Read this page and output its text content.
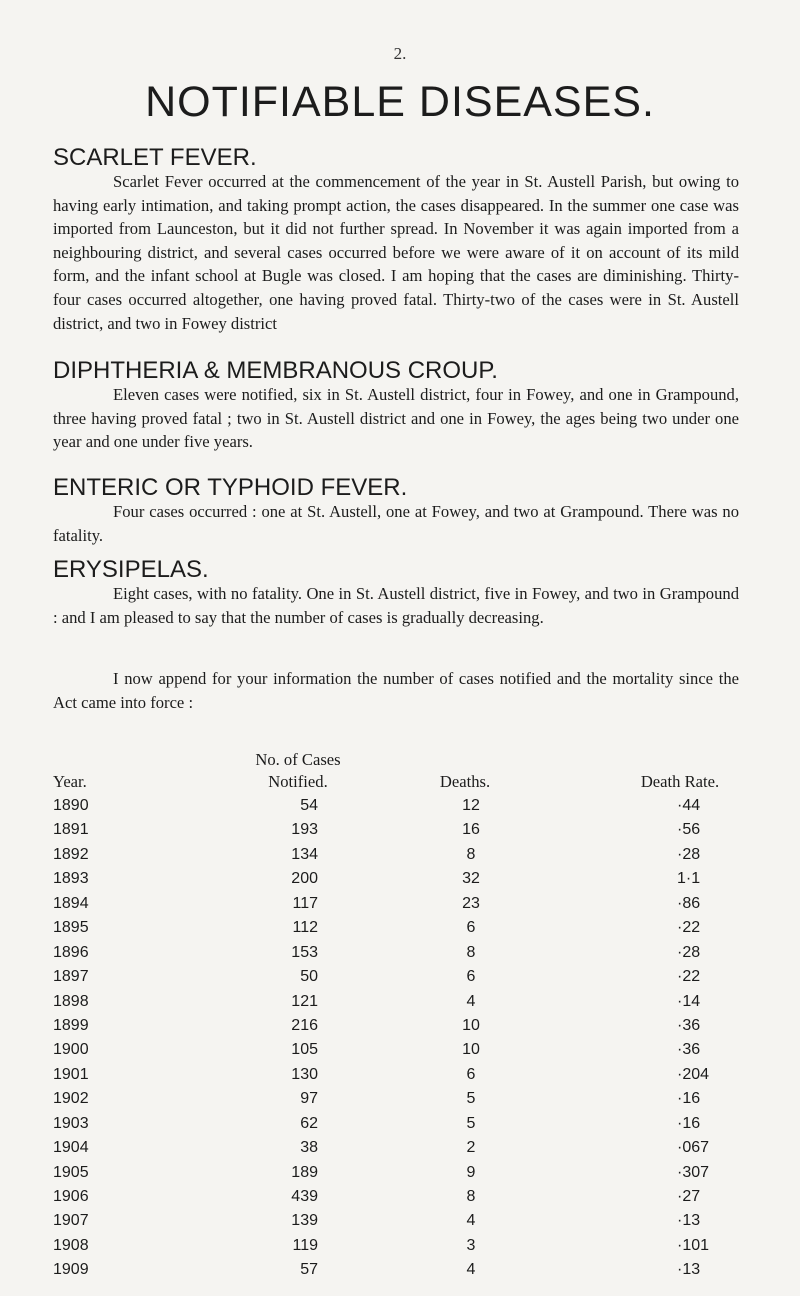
2.
NOTIFIABLE DISEASES.
SCARLET FEVER.
Scarlet Fever occurred at the commencement of the year in St. Austell Parish, but owing to having early intimation, and taking prompt action, the cases disappeared. In the summer one case was imported from Launceston, but it did not further spread. In November it was again imported from a neighbouring district, and several cases occurred before we were aware of it on account of its mild form, and the infant school at Bugle was closed. I am hoping that the cases are diminishing. Thirty-four cases occurred altogether, one having proved fatal. Thirty-two of the cases were in St. Austell district, and two in Fowey district
DIPHTHERIA & MEMBRANOUS CROUP.
Eleven cases were notified, six in St. Austell district, four in Fowey, and one in Grampound, three having proved fatal ; two in St. Austell district and one in Fowey, the ages being two under one year and one under five years.
ENTERIC OR TYPHOID FEVER.
Four cases occurred : one at St. Austell, one at Fowey, and two at Grampound. There was no fatality.
ERYSIPELAS.
Eight cases, with no fatality. One in St. Austell district, five in Fowey, and two in Grampound : and I am pleased to say that the number of cases is gradually decreasing.
I now append for your information the number of cases notified and the mortality since the Act came into force :
No. of Cases
Year.	Notified.	Deaths.	Death Rate.
1890	54	12	·44
1891	193	16	·56
1892	134	8	·28
1893	200	32	1·1
1894	117	23	·86
1895	112	6	·22
1896	153	8	·28
1897	50	6	·22
1898	121	4	·14
1899	216	10	·36
1900	105	10	·36
1901	130	6	·204
1902	97	5	·16
1903	62	5	·16
1904	38	2	·067
1905	189	9	·307
1906	439	8	·27
1907	139	4	·13
1908	119	3	·101
1909	57	4	·13
